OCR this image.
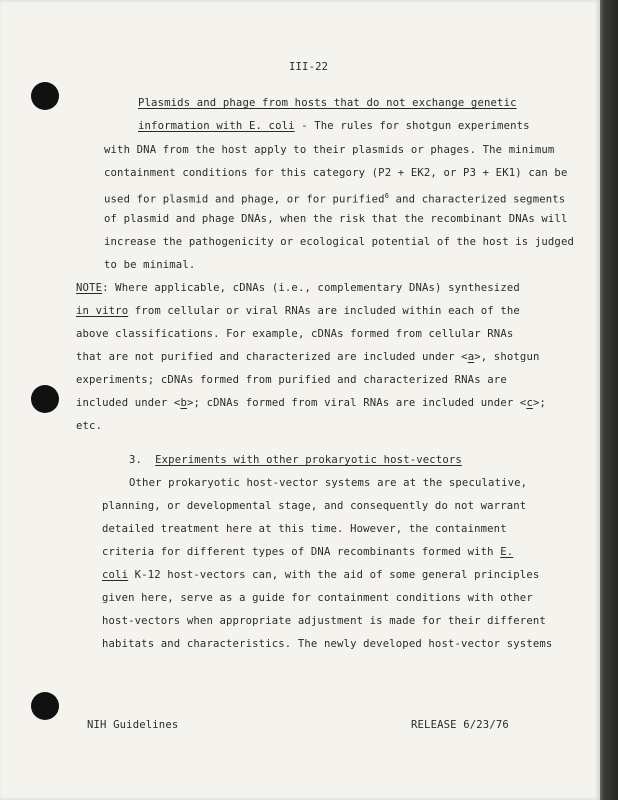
III-22
Plasmids and phage from hosts that do not exchange genetic
information with E. coli - The rules for shotgun experiments
with DNA from the host apply to their plasmids or phages. The minimum
containment conditions for this category (P2 + EK2, or P3 + EK1) can be
used for plasmid and phage, or for purified$^6$ and characterized segments
of plasmid and phage DNAs, when the risk that the recombinant DNAs will
increase the pathogenicity or ecological potential of the host is judged
to be minimal.
NOTE: Where applicable, cDNAs (i.e., complementary DNAs) synthesized
in vitro from cellular or viral RNAs are included within each of the
above classifications. For example, cDNAs formed from cellular RNAs
that are not purified and characterized are included under <a>, shotgun
experiments; cDNAs formed from purified and characterized RNAs are
included under <b>; cDNAs formed from viral RNAs are included under <c>;
etc.
3. Experiments with other prokaryotic host-vectors
Other prokaryotic host-vector systems are at the speculative,
planning, or developmental stage, and consequently do not warrant
detailed treatment here at this time. However, the containment
criteria for different types of DNA recombinants formed with E.
coli K-12 host-vectors can, with the aid of some general principles
given here, serve as a guide for containment conditions with other
host-vectors when appropriate adjustment is made for their different
habitats and characteristics. The newly developed host-vector systems
NIH Guidelines	RELEASE 6/23/76
